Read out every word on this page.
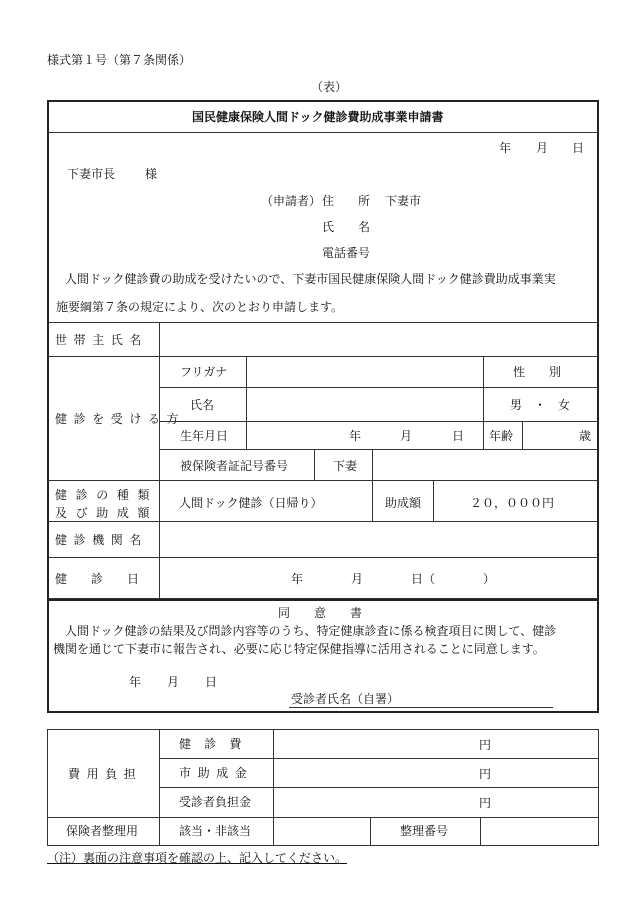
様式第１号（第７条関係）
（表）
国民健康保険人間ドック健診費助成事業申請書
年 月 日
下妻市長 様
（申請者） 住　　所 下妻市
氏　　名
電話番号
　人間ドック健診費の助成を受けたいので、下妻市国民健康保険人間ドック健診費助成事業実
施要綱第７条の規定により、次のとおり申請します。
世帯主氏名
健診を受ける方
フリガナ	性　　別
氏名	男　・　女
生年月日	年	月	日 年齢	歳
被保険者証記号番号	下妻
健診の種類
及び助成額
人間ドック健診（日帰り）	助成額	２０，０００円
健診機関名
健　　診　　日	年　　　　月　　　　日（　　　　）
同　　意　　書
　人間ドック健診の結果及び問診内容等のうち、特定健康診査に係る検査項目に関して、健診
機関を通じて下妻市に報告され、必要に応じ特定保健指導に活用されることに同意します。
年 月 日
受診者氏名（自署）
費用負担
健診費	円
市助成金	円
受診者負担金	円
保険者整理用	該当・非該当	整理番号
（注）裏面の注意事項を確認の上、記入してください。
